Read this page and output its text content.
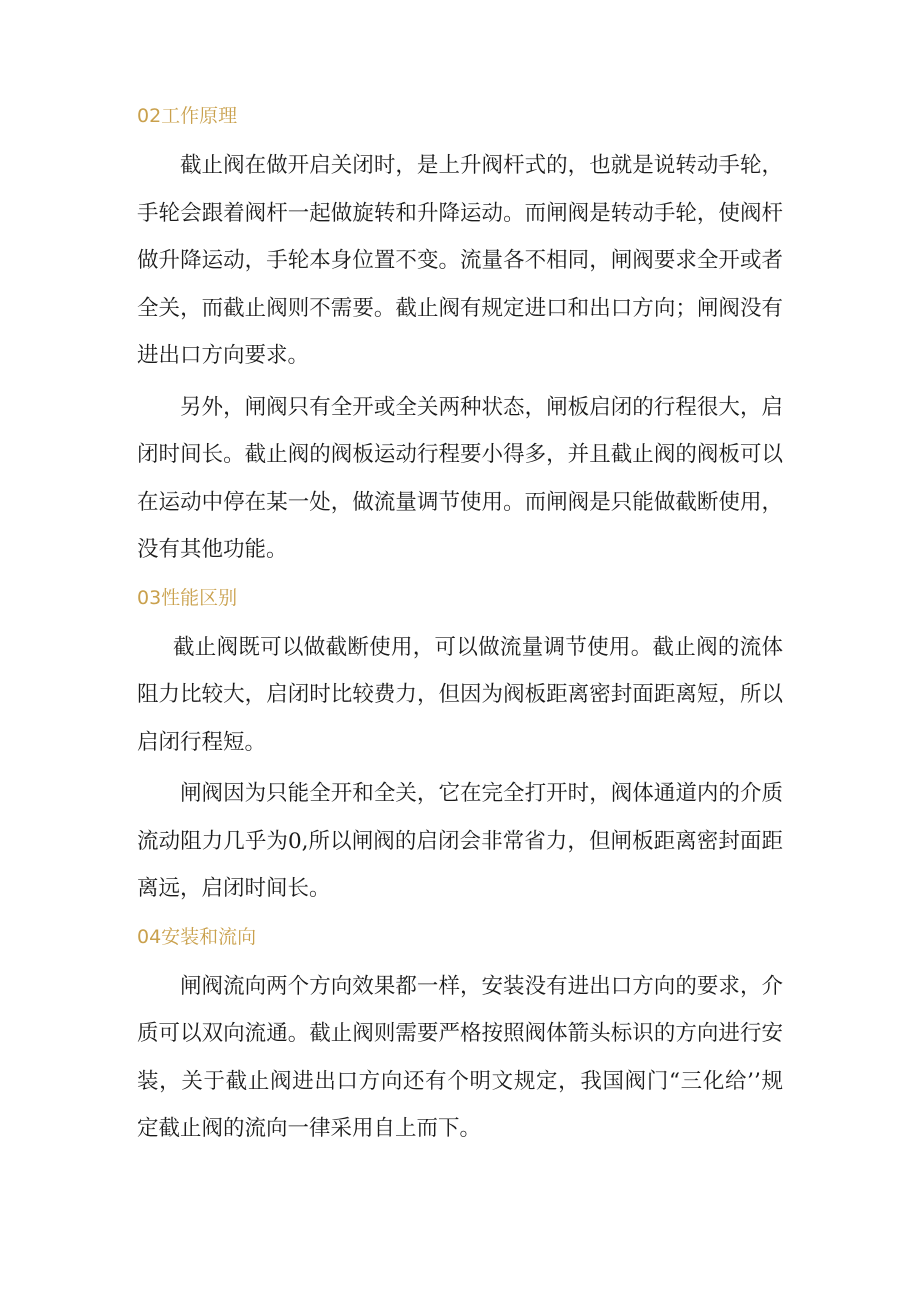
02工作原理

截止阀在做开启关闭时，是上升阀杆式的，也就是说转动手轮，手轮会跟着阀杆一起做旋转和升降运动。而闸阀是转动手轮，使阀杆做升降运动，手轮本身位置不变。流量各不相同，闸阀要求全开或者全关，而截止阀则不需要。截止阀有规定进口和出口方向；闸阀没有进出口方向要求。

另外，闸阀只有全开或全关两种状态，闸板启闭的行程很大，启闭时间长。截止阀的阀板运动行程要小得多，并且截止阀的阀板可以在运动中停在某一处，做流量调节使用。而闸阀是只能做截断使用，没有其他功能。

03性能区别

截止阀既可以做截断使用，可以做流量调节使用。截止阀的流体阻力比较大，启闭时比较费力，但因为阀板距离密封面距离短，所以启闭行程短。

闸阀因为只能全开和全关，它在完全打开时，阀体通道内的介质流动阻力几乎为0,所以闸阀的启闭会非常省力，但闸板距离密封面距离远，启闭时间长。

04安装和流向

闸阀流向两个方向效果都一样，安装没有进出口方向的要求，介质可以双向流通。截止阀则需要严格按照阀体箭头标识的方向进行安装，关于截止阀进出口方向还有个明文规定，我国阀门“三化给’’规定截止阀的流向一律采用自上而下。
